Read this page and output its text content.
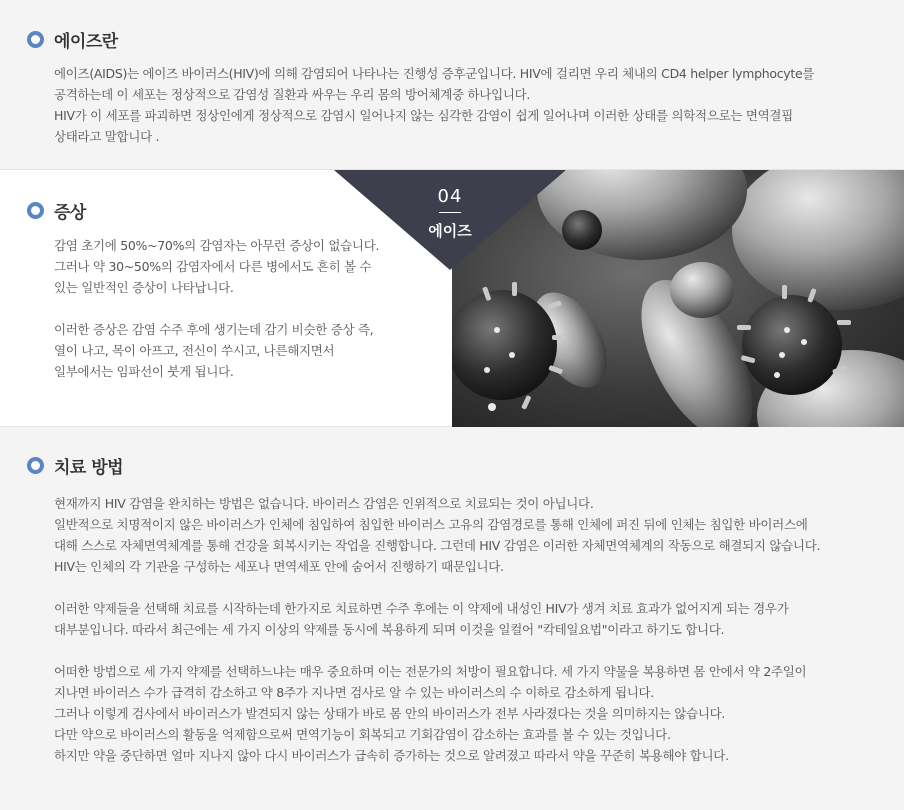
에이즈란

에이즈(AIDS)는 에이즈 바이러스(HIV)에 의해 감염되어 나타나는 진행성 증후군입니다. HIV에 걸리면 우리 체내의 CD4 helper lymphocyte를

공격하는데 이 세포는 정상적으로 감염성 질환과 싸우는 우리 몸의 방어체계중 하나입니다.

HIV가 이 세포를 파괴하면 정상인에게 정상적으로 감염시 일어나지 않는 심각한 감염이 쉽게 일어나며 이러한 상태를 의학적으로는 면역결핍

상태라고 말합니다 .

증상

감염 초기에 50%~70%의 감염자는 아무런 증상이 없습니다.

그러나 약 30~50%의 감염자에서 다른 병에서도 흔히 볼 수

있는 일반적인 증상이 나타납니다.

이러한 증상은 감염 수주 후에 생기는데 감기 비슷한 증상 즉,

열이 나고, 목이 아프고, 전신이 쑤시고, 나른해지면서

일부에서는 임파선이 붓게 됩니다.

04
에이즈
치료 방법

현재까지 HIV 감염을 완치하는 방법은 없습니다. 바이러스 감염은 인위적으로 치료되는 것이 아닙니다.

일반적으로 치명적이지 않은 바이러스가 인체에 침입하여 침입한 바이러스 고유의 감염경로를 통해 인체에 퍼진 뒤에 인체는 침입한 바이러스에

대해 스스로 자체면역체계를 통해 건강을 회복시키는 작업을 진행합니다. 그런데 HIV 감염은 이러한 자체면역체계의 작동으로 해결되지 않습니다.

HIV는 인체의 각 기관을 구성하는 세포나 면역세포 안에 숨어서 진행하기 때문입니다.

이러한 약제들을 선택해 치료를 시작하는데 한가지로 치료하면 수주 후에는 이 약제에 내성인 HIV가 생겨 치료 효과가 없어지게 되는 경우가

대부분입니다. 따라서 최근에는 세 가지 이상의 약제를 동시에 복용하게 되며 이것을 일컬어 "칵테일요법"이라고 하기도 합니다.

어떠한 방법으로 세 가지 약제를 선택하느냐는 매우 중요하며 이는 전문가의 처방이 필요합니다. 세 가지 약물을 복용하면 몸 안에서 약 2주일이

지나면 바이러스 수가 급격히 감소하고 약 8주가 지나면 검사로 알 수 있는 바이러스의 수 이하로 감소하게 됩니다.

그러나 이렇게 검사에서 바이러스가 발견되지 않는 상태가 바로 몸 안의 바이러스가 전부 사라졌다는 것을 의미하지는 않습니다.

다만 약으로 바이러스의 활동을 억제함으로써 면역기능이 회복되고 기회감염이 감소하는 효과를 볼 수 있는 것입니다.

하지만 약을 중단하면 얼마 지나지 않아 다시 바이러스가 급속히 증가하는 것으로 알려졌고 따라서 약을 꾸준히 복용해야 합니다.
